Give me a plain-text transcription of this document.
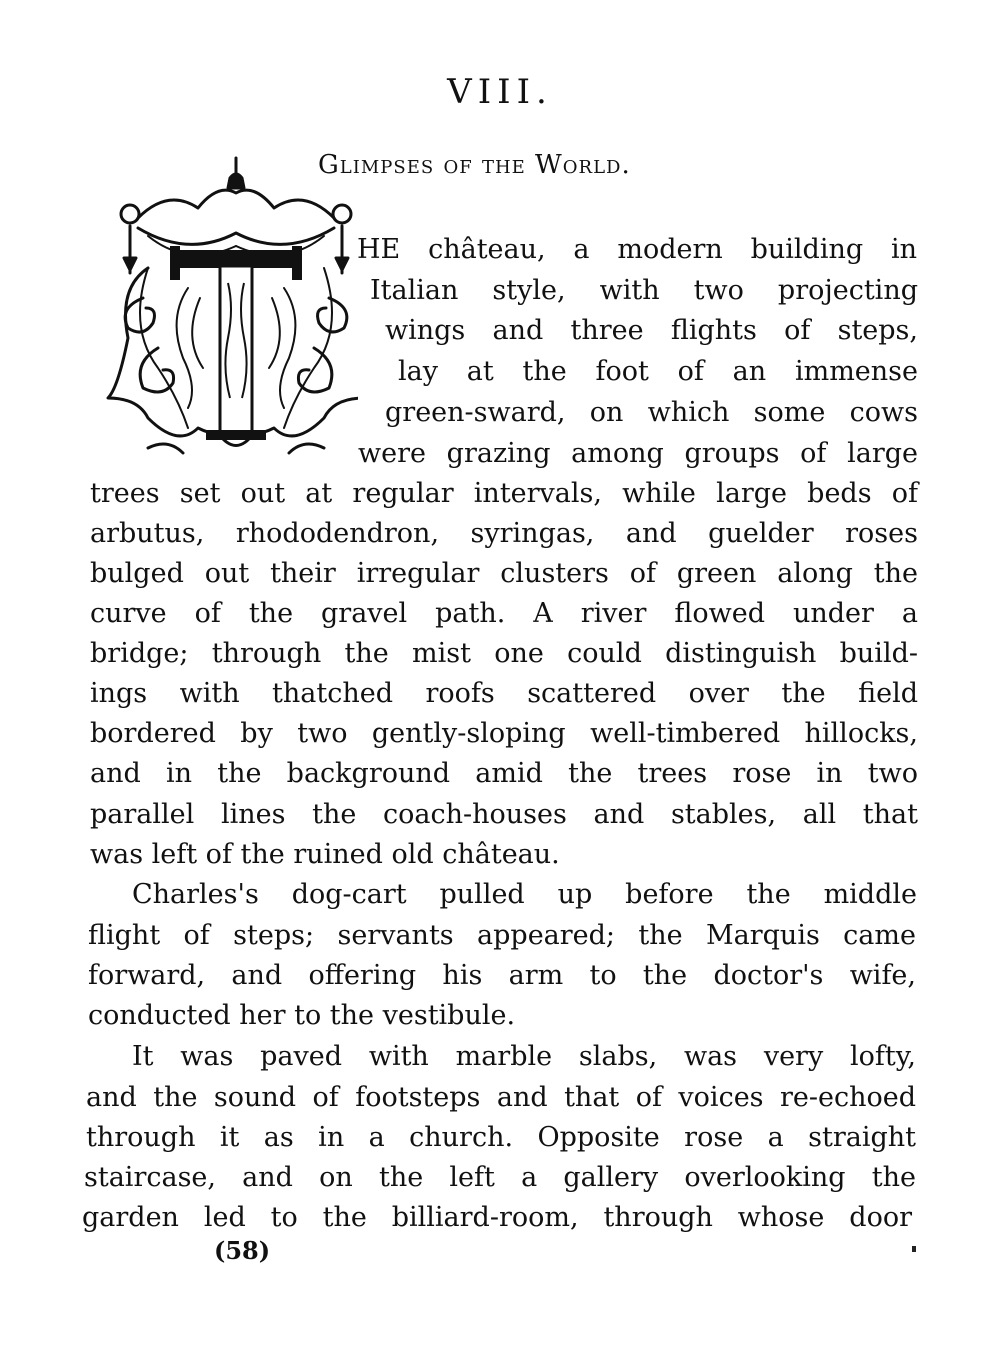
VIII.
Glimpses of the World.
HE château, a modern building in
Italian style, with two projecting
wings and three flights of steps,
lay at the foot of an immense
green-sward, on which some cows
were grazing among groups of large
trees set out at regular intervals, while large beds of
arbutus, rhododendron, syringas, and guelder roses
bulged out their irregular clusters of green along the
curve of the gravel path. A river flowed under a
bridge; through the mist one could distinguish build-
ings with thatched roofs scattered over the field
bordered by two gently-sloping well-timbered hillocks,
and in the background amid the trees rose in two
parallel lines the coach-houses and stables, all that
was left of the ruined old château.
Charles's dog-cart pulled up before the middle
flight of steps; servants appeared; the Marquis came
forward, and offering his arm to the doctor's wife,
conducted her to the vestibule.
It was paved with marble slabs, was very lofty,
and the sound of footsteps and that of voices re-echoed
through it as in a church. Opposite rose a straight
staircase, and on the left a gallery overlooking the
garden led to the billiard-room, through whose door
(58)
